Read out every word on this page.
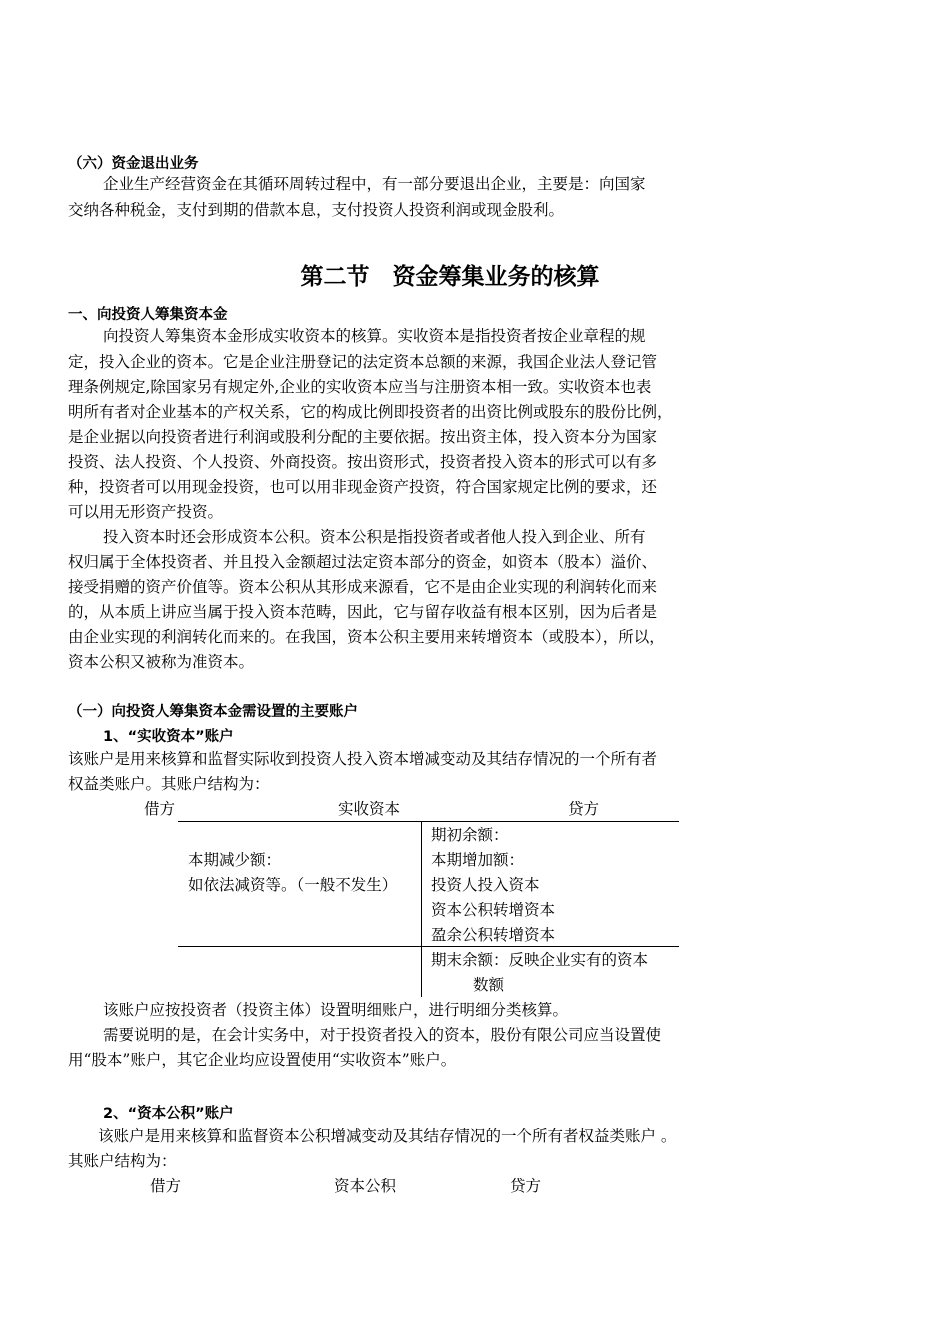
（六）资金退出业务
企业生产经营资金在其循环周转过程中，有一部分要退出企业，主要是：向国家
交纳各种税金，支付到期的借款本息，支付投资人投资利润或现金股利。
第二节　资金筹集业务的核算
一、向投资人筹集资本金
向投资人筹集资本金形成实收资本的核算。实收资本是指投资者按企业章程的规
定，投入企业的资本。它是企业注册登记的法定资本总额的来源，我国企业法人登记管
理条例规定,除国家另有规定外,企业的实收资本应当与注册资本相一致。实收资本也表
明所有者对企业基本的产权关系，它的构成比例即投资者的出资比例或股东的股份比例，
是企业据以向投资者进行利润或股利分配的主要依据。按出资主体，投入资本分为国家
投资、法人投资、个人投资、外商投资。按出资形式，投资者投入资本的形式可以有多
种，投资者可以用现金投资，也可以用非现金资产投资，符合国家规定比例的要求，还
可以用无形资产投资。
投入资本时还会形成资本公积。资本公积是指投资者或者他人投入到企业、所有
权归属于全体投资者、并且投入金额超过法定资本部分的资金，如资本（股本）溢价、
接受捐赠的资产价值等。资本公积从其形成来源看，它不是由企业实现的利润转化而来
的，从本质上讲应当属于投入资本范畴，因此，它与留存收益有根本区别，因为后者是
由企业实现的利润转化而来的。在我国，资本公积主要用来转增资本（或股本），所以，
资本公积又被称为准资本。
（一）向投资人筹集资本金需设置的主要账户
1、“实收资本”账户
该账户是用来核算和监督实际收到投资人投入资本增减变动及其结存情况的一个所有者
权益类账户。其账户结构为：
借方	实收资本	贷方
本期减少额：
如依法减资等。（一般不发生）
期初余额：
本期增加额：
投资人投入资本
资本公积转增资本
盈余公积转增资本
期末余额：反映企业实有的资本
数额
该账户应按投资者（投资主体）设置明细账户，进行明细分类核算。
需要说明的是，在会计实务中，对于投资者投入的资本，股份有限公司应当设置使
用“股本”账户，其它企业均应设置使用“实收资本”账户。
2、“资本公积”账户
该账户是用来核算和监督资本公积增减变动及其结存情况的一个所有者权益类账户 。
其账户结构为：
借方	资本公积	贷方
